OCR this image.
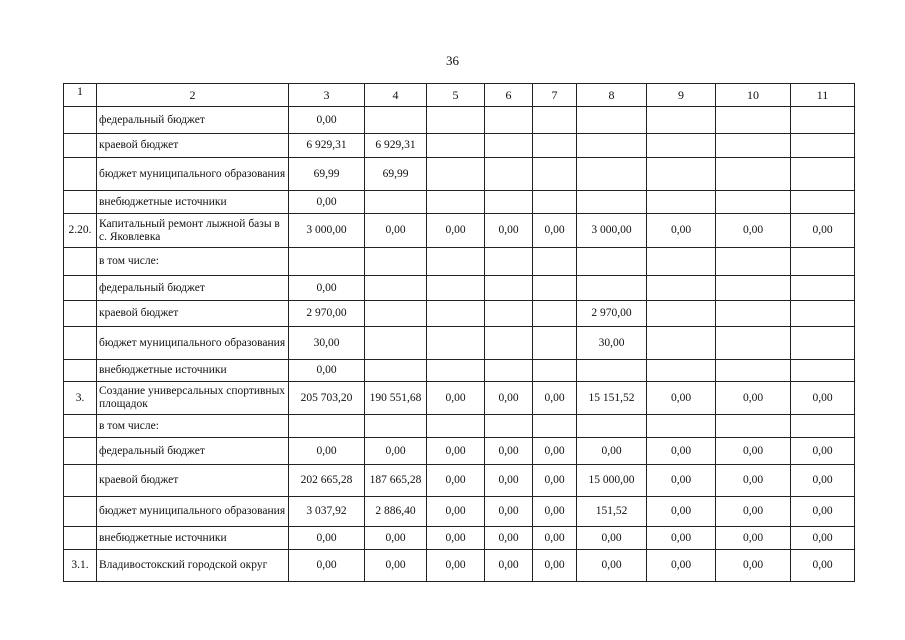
36
1	2	3	4	5	6	7	8	9	10	11
	федеральный бюджет	0,00								
	краевой бюджет	6 929,31	6 929,31							
	бюджет муниципального образования	69,99	69,99							
	внебюджетные источники	0,00								
2.20.	Капитальный ремонт лыжной базы в с. Яковлевка	3 000,00	0,00	0,00	0,00	0,00	3 000,00	0,00	0,00	0,00
	в том числе:									
	федеральный бюджет	0,00								
	краевой бюджет	2 970,00					2 970,00			
	бюджет муниципального образования	30,00					30,00			
	внебюджетные источники	0,00								
3.	Создание универсальных спортивных площадок	205 703,20	190 551,68	0,00	0,00	0,00	15 151,52	0,00	0,00	0,00
	в том числе:									
	федеральный бюджет	0,00	0,00	0,00	0,00	0,00	0,00	0,00	0,00	0,00
	краевой бюджет	202 665,28	187 665,28	0,00	0,00	0,00	15 000,00	0,00	0,00	0,00
	бюджет муниципального образования	3 037,92	2 886,40	0,00	0,00	0,00	151,52	0,00	0,00	0,00
	внебюджетные источники	0,00	0,00	0,00	0,00	0,00	0,00	0,00	0,00	0,00
3.1.	Владивостокский городской округ	0,00	0,00	0,00	0,00	0,00	0,00	0,00	0,00	0,00
